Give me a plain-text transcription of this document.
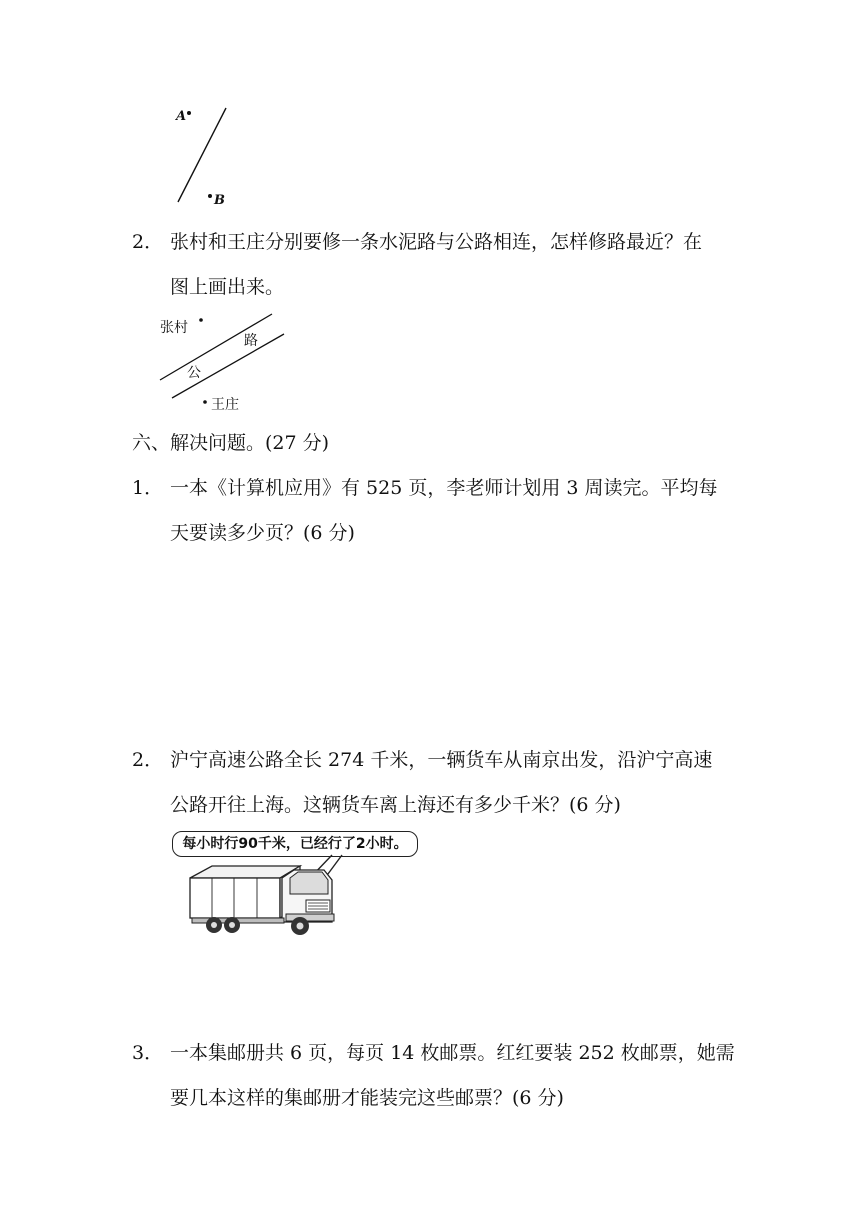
A
B
2． 张村和王庄分别要修一条水泥路与公路相连，怎样修路最近？在
图上画出来。
张村
路
公
王庄
六、解决问题。(27 分)
1． 一本《计算机应用》有 525 页，李老师计划用 3 周读完。平均每
天要读多少页？(6 分)
2． 沪宁高速公路全长 274 千米，一辆货车从南京出发，沿沪宁高速
公路开往上海。这辆货车离上海还有多少千米？(6 分)
每小时行90千米，已经行了2小时。
3． 一本集邮册共 6 页，每页 14 枚邮票。红红要装 252 枚邮票，她需
要几本这样的集邮册才能装完这些邮票？(6 分)
